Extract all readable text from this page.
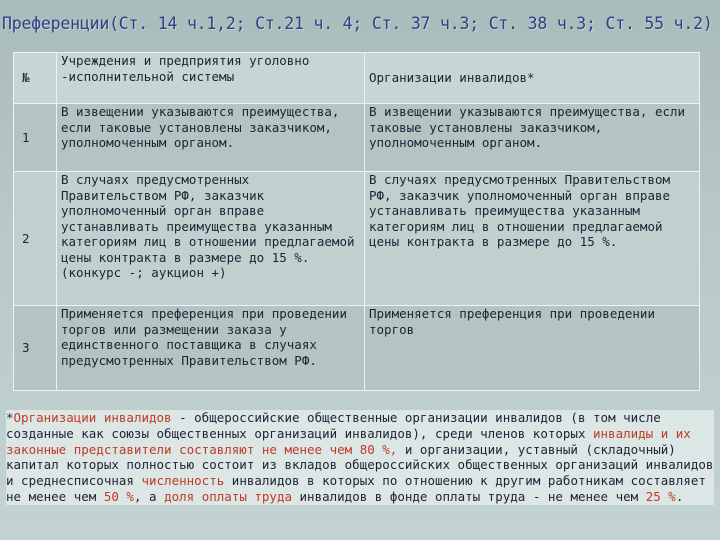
Преференции(Ст. 14 ч.1,2; Ст.21 ч. 4; Ст. 37 ч.3; Ст. 38 ч.3; Ст. 55 ч.2)
№	Учреждения и предприятия уголовно -исполнительной системы	Организации инвалидов*
1	В извещении указываются преимущества, если таковые установлены заказчиком, уполномоченным органом.	В извещении указываются преимущества, если таковые установлены заказчиком, уполномоченным органом.
2	В случаях предусмотренных Правительством РФ, заказчик уполномоченный орган вправе устанавливать преимущества указанным категориям лиц в отношении предлагаемой цены контракта в размере до 15 %. (конкурс -; аукцион +)	В случаях предусмотренных Правительством РФ, заказчик уполномоченный орган вправе устанавливать преимущества указанным категориям лиц в отношении предлагаемой цены контракта в размере до 15 %.
3	Применяется преференция при проведении торгов или размещении заказа у единственного поставщика в случаях предусмотренных Правительством РФ.	Применяется преференция при проведении торгов
*Организации инвалидов - общероссийские общественные организации инвалидов (в том числе созданные как союзы общественных организаций инвалидов), среди членов которых инвалиды и их законные представители составляют не менее чем 80 %, и организации, уставный (складочный) капитал которых полностью состоит из вкладов общероссийских общественных организаций инвалидов и среднесписочная численность инвалидов в которых по отношению к другим работникам составляет не менее чем 50 %, а доля оплаты труда инвалидов в фонде оплаты труда - не менее чем 25 %.
